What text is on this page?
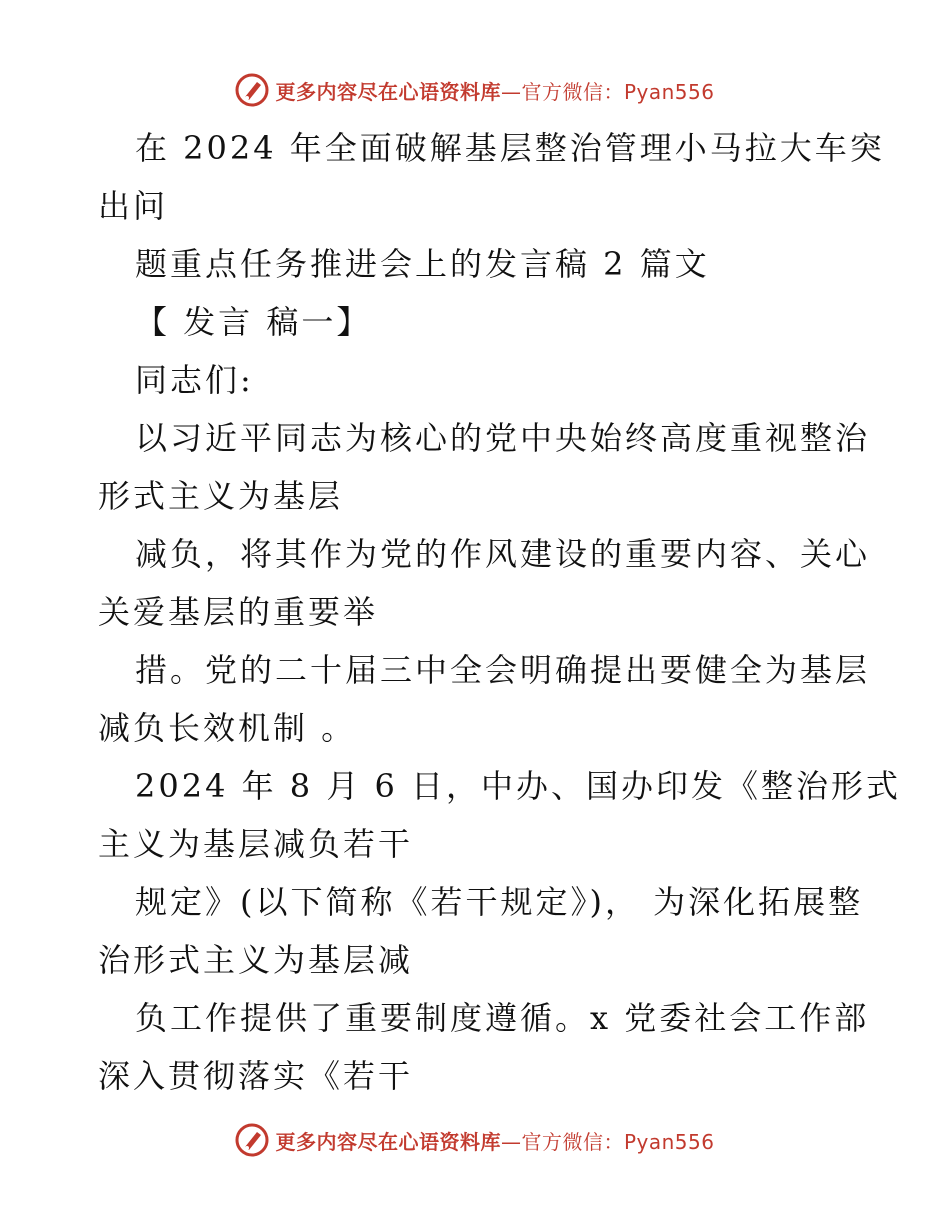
更多内容尽在心语资料库—官方微信：Pyan556
在 2024 年全面破解基层整治管理小马拉大车突
出问
题重点任务推进会上的发言稿 2 篇文
【 发言 稿一】
同志们:
以习近平同志为核心的党中央始终高度重视整治
形式主义为基层
减负，将其作为党的作风建设的重要内容、关心
关爱基层的重要举
措。党的二十届三中全会明确提出要健全为基层
减负长效机制 。
2024 年 8 月 6 日，中办、国办印发《整治形式
主义为基层减负若干
规定》(以下简称《若干规定》)， 为深化拓展整
治形式主义为基层减
负工作提供了重要制度遵循。x 党委社会工作部
深入贯彻落实《若干
更多内容尽在心语资料库—官方微信：Pyan556
